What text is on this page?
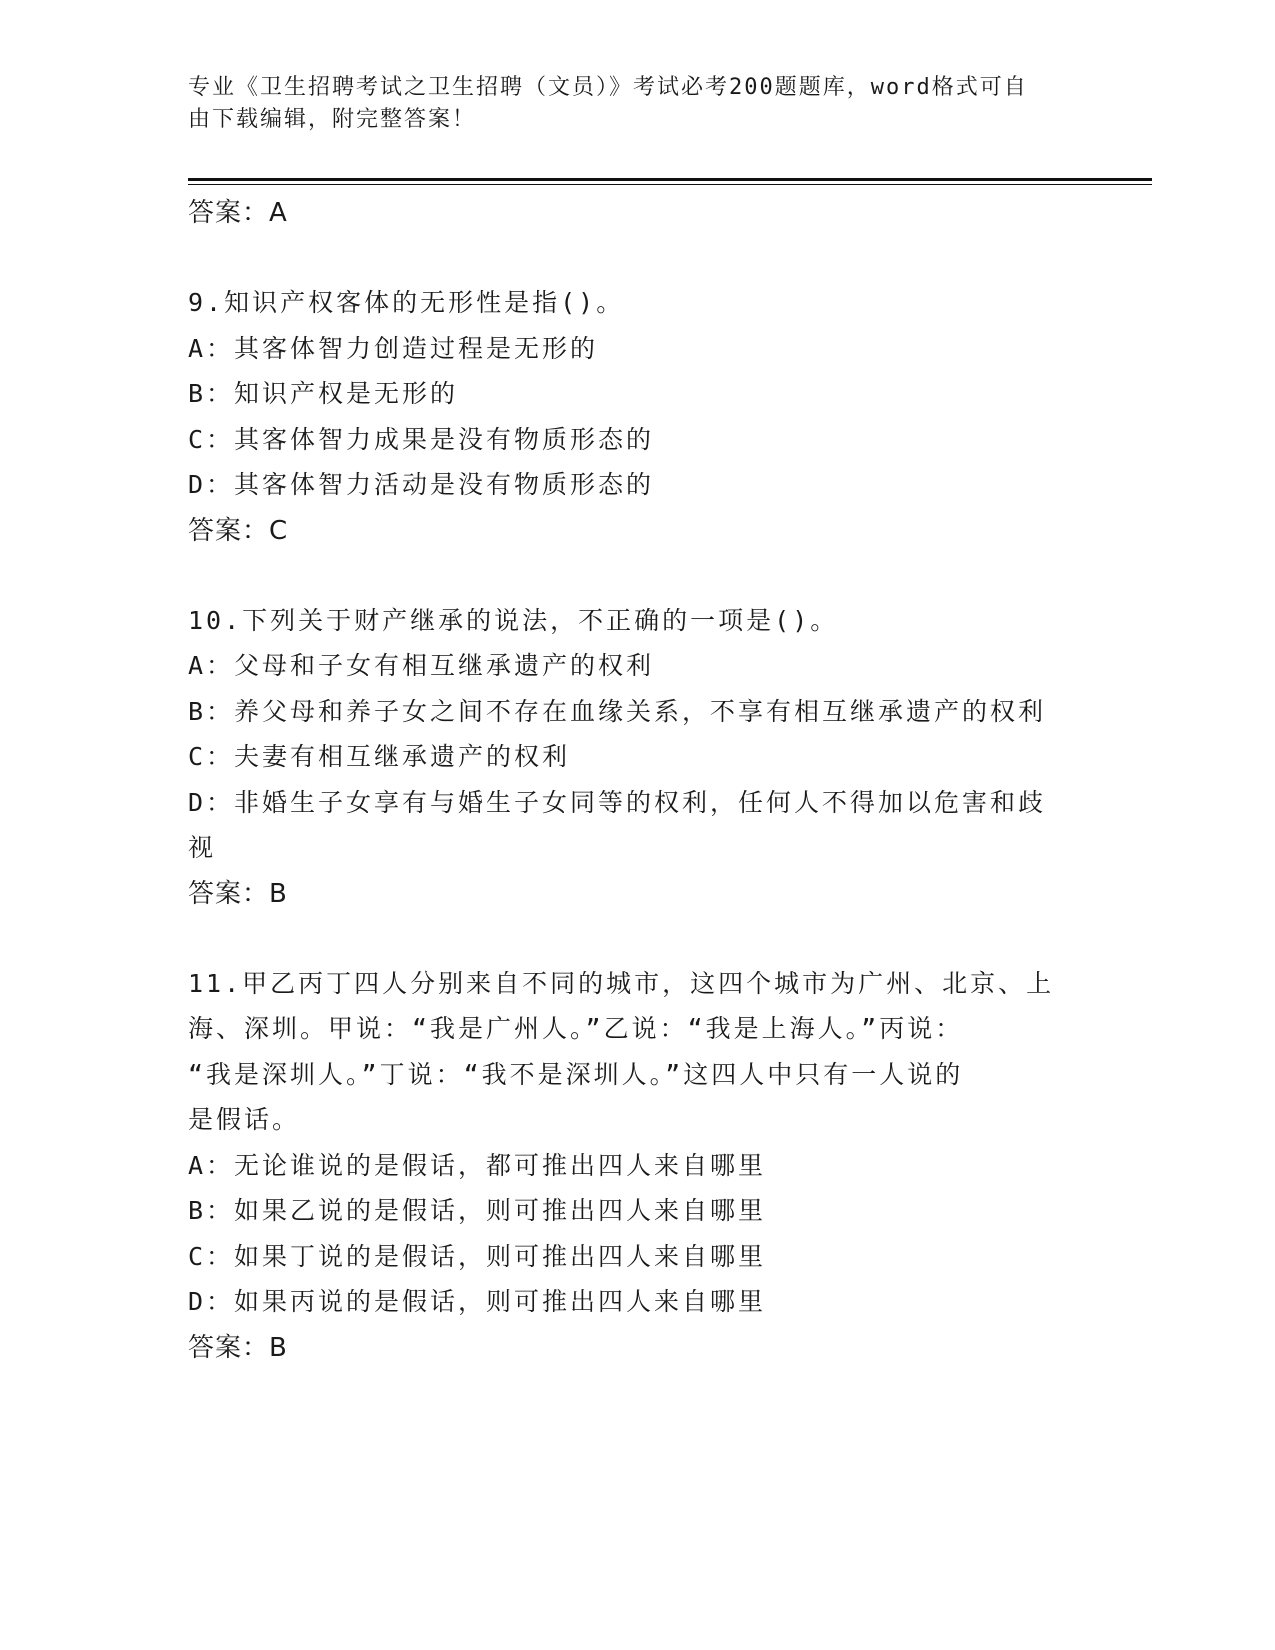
专业《卫生招聘考试之卫生招聘（文员）》考试必考200题题库，word格式可自
由下载编辑，附完整答案！
答案：A
9.知识产权客体的无形性是指()。
A：其客体智力创造过程是无形的
B：知识产权是无形的
C：其客体智力成果是没有物质形态的
D：其客体智力活动是没有物质形态的
答案：C
10.下列关于财产继承的说法，不正确的一项是()。
A：父母和子女有相互继承遗产的权利
B：养父母和养子女之间不存在血缘关系，不享有相互继承遗产的权利
C：夫妻有相互继承遗产的权利
D：非婚生子女享有与婚生子女同等的权利，任何人不得加以危害和歧
视
答案：B
11.甲乙丙丁四人分别来自不同的城市，这四个城市为广州、北京、上
海、深圳。甲说：“我是广州人。”乙说：“我是上海人。”丙说：
“我是深圳人。”丁说：“我不是深圳人。”这四人中只有一人说的
是假话。
A：无论谁说的是假话，都可推出四人来自哪里
B：如果乙说的是假话，则可推出四人来自哪里
C：如果丁说的是假话，则可推出四人来自哪里
D：如果丙说的是假话，则可推出四人来自哪里
答案：B
